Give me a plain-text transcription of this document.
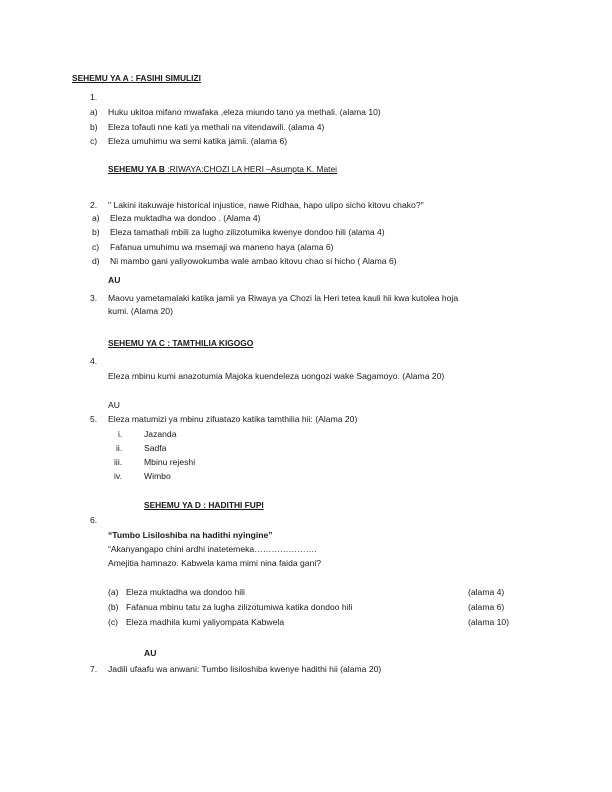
SEHEMU YA A : FASIHI SIMULIZI
1.
a) Huku ukitoa mifano mwafaka ,eleza miundo tano ya methali. (alama 10)
b) Eleza tofauti nne kati ya methali na vitendawili. (alama 4)
c) Eleza umuhimu wa semi katika jamii. (alama 6)
SEHEMU YA B :RIWAYA:CHOZI LA HERI –Asumpta K. Matei
2. " Lakini itakuwaje historical injustice, nawe Ridhaa, hapo ulipo sicho kitovu chako?"
a) Eleza muktadha wa dondoo . (Alama 4)
b) Eleza tamathali mbili za lugho zilizotumika kwenye dondoo hili (alama 4)
c) Fafanua umuhimu wa msemaji wa maneno haya (alama 6)
d) Ni mambo gani yaliyowokumba wale ambao kitovu chao si hicho ( Alama 6)
AU
3. Maovu yametamalaki katika jamii ya Riwaya ya Chozi la Heri tetea kauli hii kwa kutolea hoja
kumi. (Alama 20)
SEHEMU YA C : TAMTHILIA KIGOGO
4.
Eleza mbinu kumi anazotumia Majoka kuendeleza uongozi wake Sagamoyo. (Alama 20)
AU
5. Eleza matumizi ya mbinu zifuatazo katika tamthilia hii: (Alama 20)
i.	Jazanda
ii.	Sadfa
iii.	Mbinu rejeshi
iv.	Wimbo
SEHEMU YA D : HADITHI FUPI
6.
“Tumbo Lisiloshiba na hadithi nyingine”
“Akanyangapo chini ardhi inatetemeka………………….
Amejitia hamnazo. Kabwela kama mimi nina faida gani?
(a) Eleza muktadha wa dondoo hili	(alama 4)
(b) Fafanua mbinu tatu za lugha zilizotumiwa katika dondoo hili	(alama 6)
(c) Eleza madhila kumi yaliyompata Kabwela	(alama 10)
AU
7. Jadili ufaafu wa anwani: Tumbo lisiloshiba kwenye hadithi hii (alama 20)
